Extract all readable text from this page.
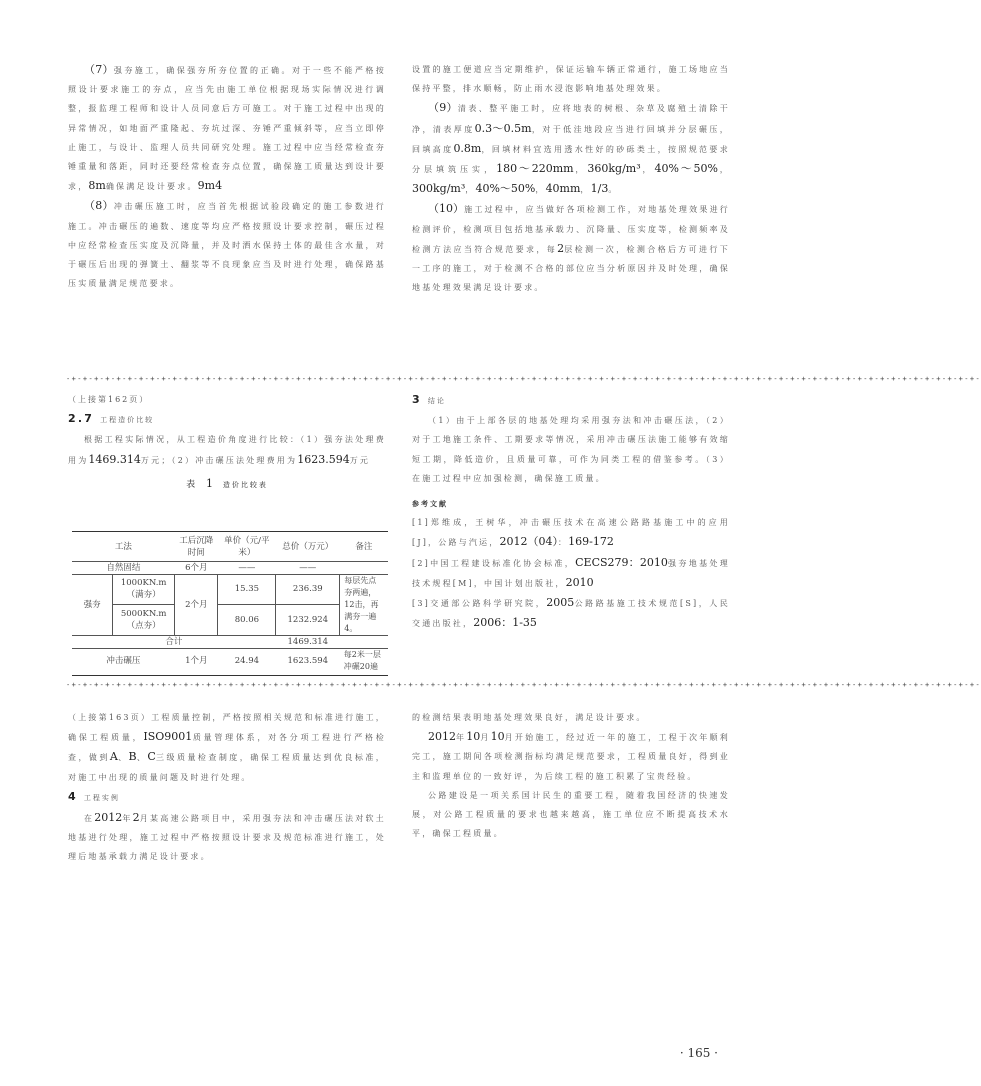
（7）强夯施工，确保强夯所夯位置的正确。对于一些不能严格按照设计要求施工的夯点，应当先由施工单位根据现场实际情况进行调整，报监理工程师和设计人员同意后方可施工。对于施工过程中出现的异常情况，如地面严重隆起、夯坑过深、夯锤严重倾斜等，应当立即停止施工，与设计、监理人员共同研究处理。施工过程中应当经常检查夯锤重量和落距，同时还要经常检查夯点位置，确保施工质量达到设计要求，8m确保满足设计要求。9m4

（8）冲击碾压施工时，应当首先根据试验段确定的施工参数进行施工。冲击碾压的遍数、速度等均应严格按照设计要求控制，碾压过程中应经常检查压实度及沉降量，并及时洒水保持土体的最佳含水量，对于碾压后出现的弹簧土、翻浆等不良现象应当及时进行处理，确保路基压实质量满足规范要求。

设置的施工便道应当定期维护，保证运输车辆正常通行，施工场地应当保持平整，排水顺畅，防止雨水浸泡影响地基处理效果。

（9）清表、整平施工时，应将地表的树根、杂草及腐殖土清除干净，清表厚度0.3～0.5m，对于低洼地段应当进行回填并分层碾压，回填高度0.8m，回填材料宜选用透水性好的砂砾类土，按照规范要求分层填筑压实，180～220mm，360kg/m³，40%～50%，300kg/m³，40%～50%，40mm，1/3。

（10）施工过程中，应当做好各项检测工作，对地基处理效果进行检测评价，检测项目包括地基承载力、沉降量、压实度等，检测频率及检测方法应当符合规范要求，每2层检测一次，检测合格后方可进行下一工序的施工，对于检测不合格的部位应当分析原因并及时处理，确保地基处理效果满足设计要求。

-+-+-+-+-+-+-+-+-+-+-+-+-+-+-+-+-+-+-+-+-+-+-+-+-+-+-+-+-+-+-+-+-+-+-+-+-+-+-+-+-+-+-+-+-+-+-+-+-+-+-+-+-+-+-+-+-+-+-+-+-+-+-+-+-+-+-+-+-+-+-+-+-+-+-+-+-+-+-+-+-+-
（上接第162页）
2.7 工程造价比较

根据工程实际情况，从工程造价角度进行比较：（1）强夯法处理费用为1469.314万元；（2）冲击碾压法处理费用为1623.594万元

表 1 造价比较表
工法		工后沉降时间	单价（元/平米）	总价（万元）	备注
自然固结		6个月	——	——	
强夯	1000KN.m（满夯）	2个月	15.35	236.39	每层先点夯两遍，12击，再满夯一遍4。
	5000KN.m（点夯）		80.06	1232.924	
合计				1469.314	
冲击碾压		1个月	24.94	1623.594	每2米一层冲碾20遍
3 结论

（1）由于上部各层的地基处理均采用强夯法和冲击碾压法，（2）对于工地施工条件、工期要求等情况，采用冲击碾压法施工能够有效缩短工期，降低造价，且质量可靠，可作为同类工程的借鉴参考。（3）在施工过程中应加强检测，确保施工质量。

参考文献

[1]郑维成，王树华，冲击碾压技术在高速公路路基施工中的应用[J]，公路与汽运，2012（04）：169-172

[2]中国工程建设标准化协会标准，CECS279：2010强夯地基处理技术规程[M]，中国计划出版社，2010

[3]交通部公路科学研究院，2005公路路基施工技术规范[S]，人民交通出版社，2006：1-35

-+-+-+-+-+-+-+-+-+-+-+-+-+-+-+-+-+-+-+-+-+-+-+-+-+-+-+-+-+-+-+-+-+-+-+-+-+-+-+-+-+-+-+-+-+-+-+-+-+-+-+-+-+-+-+-+-+-+-+-+-+-+-+-+-+-+-+-+-+-+-+-+-+-+-+-+-+-+-+-+-+-

（上接第163页）工程质量控制，严格按照相关规范和标准进行施工，确保工程质量，ISO9001质量管理体系，对各分项工程进行严格检查，做到A、B、C三级质量检查制度，确保工程质量达到优良标准，对施工中出现的质量问题及时进行处理。

4 工程实例

在2012年2月某高速公路项目中，采用强夯法和冲击碾压法对软土地基进行处理，施工过程中严格按照设计要求及规范标准进行施工，处理后地基承载力满足设计要求。

的检测结果表明地基处理效果良好，满足设计要求。

2012年10月10月开始施工，经过近一年的施工，工程于次年顺利完工，施工期间各项检测指标均满足规范要求，工程质量良好，得到业主和监理单位的一致好评，为后续工程的施工积累了宝贵经验。

公路建设是一项关系国计民生的重要工程，随着我国经济的快速发展，对公路工程质量的要求也越来越高，施工单位应不断提高技术水平，确保工程质量。

· 165 ·
